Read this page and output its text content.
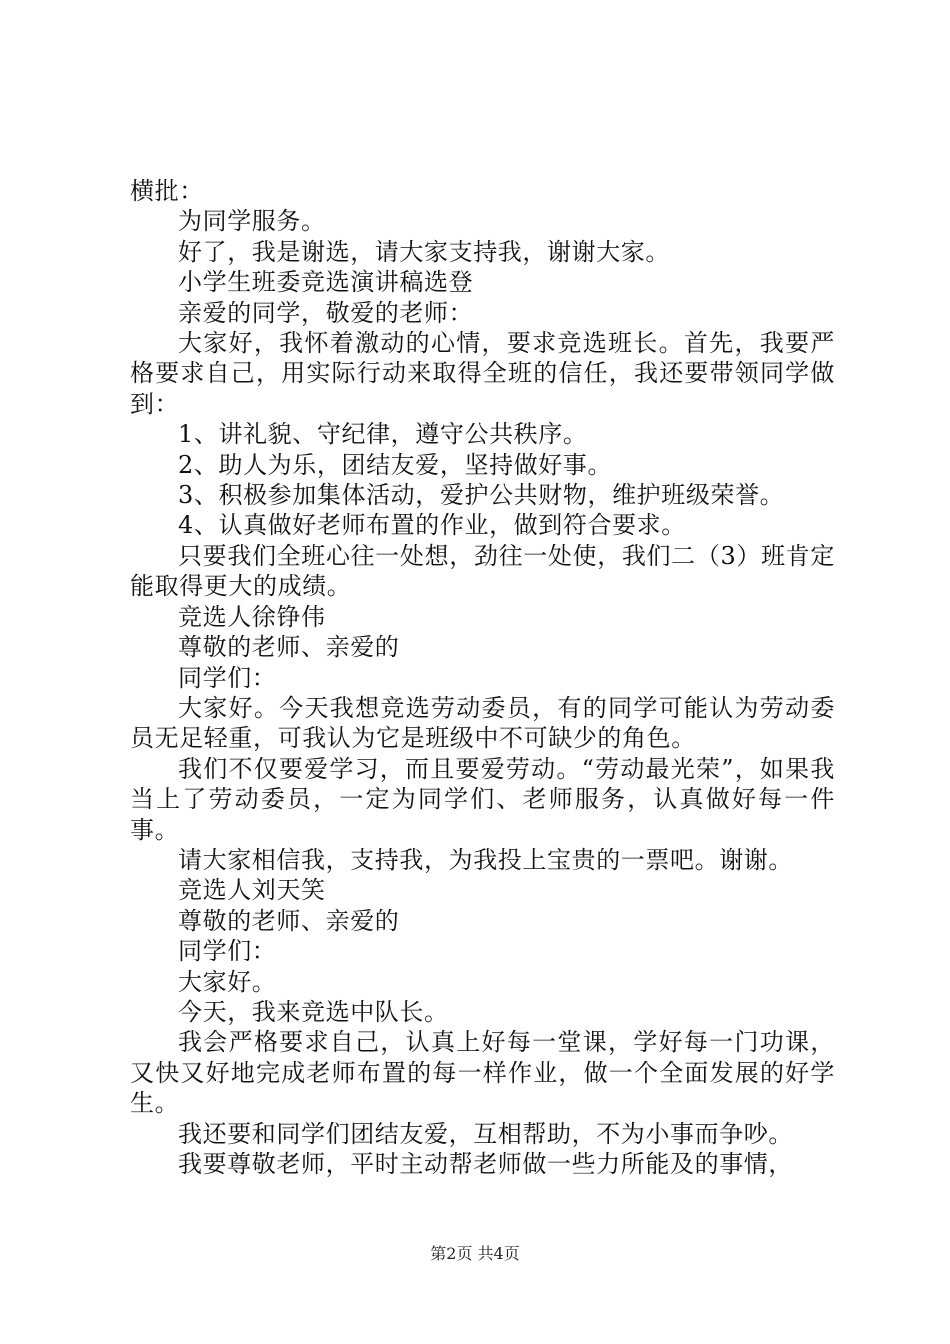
横批：

为同学服务。

好了，我是谢选，请大家支持我，谢谢大家。

小学生班委竞选演讲稿选登

亲爱的同学，敬爱的老师：

大家好，我怀着激动的心情，要求竞选班长。首先，我要严格要求自己，用实际行动来取得全班的信任，我还要带领同学做到：

1、讲礼貌、守纪律，遵守公共秩序。

2、助人为乐，团结友爱，坚持做好事。

3、积极参加集体活动，爱护公共财物，维护班级荣誉。

4、认真做好老师布置的作业，做到符合要求。

只要我们全班心往一处想，劲往一处使，我们二（3）班肯定能取得更大的成绩。

竞选人徐铮伟

尊敬的老师、亲爱的

同学们：

大家好。今天我想竞选劳动委员，有的同学可能认为劳动委员无足轻重，可我认为它是班级中不可缺少的角色。

我们不仅要爱学习，而且要爱劳动。“劳动最光荣”，如果我当上了劳动委员，一定为同学们、老师服务，认真做好每一件事。

请大家相信我，支持我，为我投上宝贵的一票吧。谢谢。

竞选人刘天笑

尊敬的老师、亲爱的

同学们：

大家好。

今天，我来竞选中队长。

我会严格要求自己，认真上好每一堂课，学好每一门功课，又快又好地完成老师布置的每一样作业，做一个全面发展的好学生。

我还要和同学们团结友爱，互相帮助，不为小事而争吵。

我要尊敬老师，平时主动帮老师做一些力所能及的事情，

第2页 共4页
